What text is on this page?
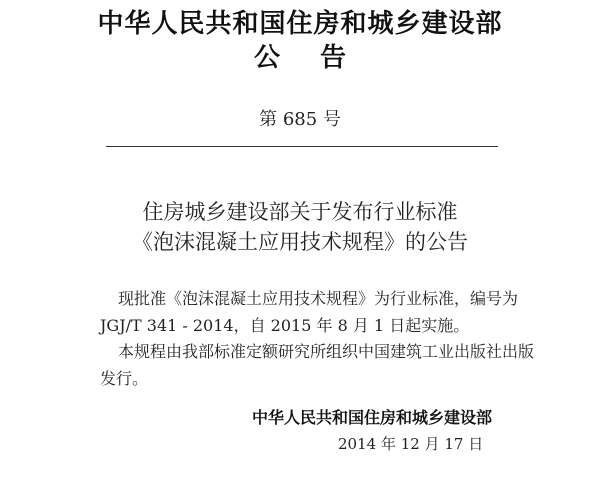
中华人民共和国住房和城乡建设部
公告
第 685 号
住房城乡建设部关于发布行业标准
《泡沫混凝土应用技术规程》的公告
现批准《泡沫混凝土应用技术规程》为行业标准，编号为
JGJ/T 341 - 2014，自 2015 年 8 月 1 日起实施。
本规程由我部标准定额研究所组织中国建筑工业出版社出版
发行。
中华人民共和国住房和城乡建设部
2014 年 12 月 17 日
